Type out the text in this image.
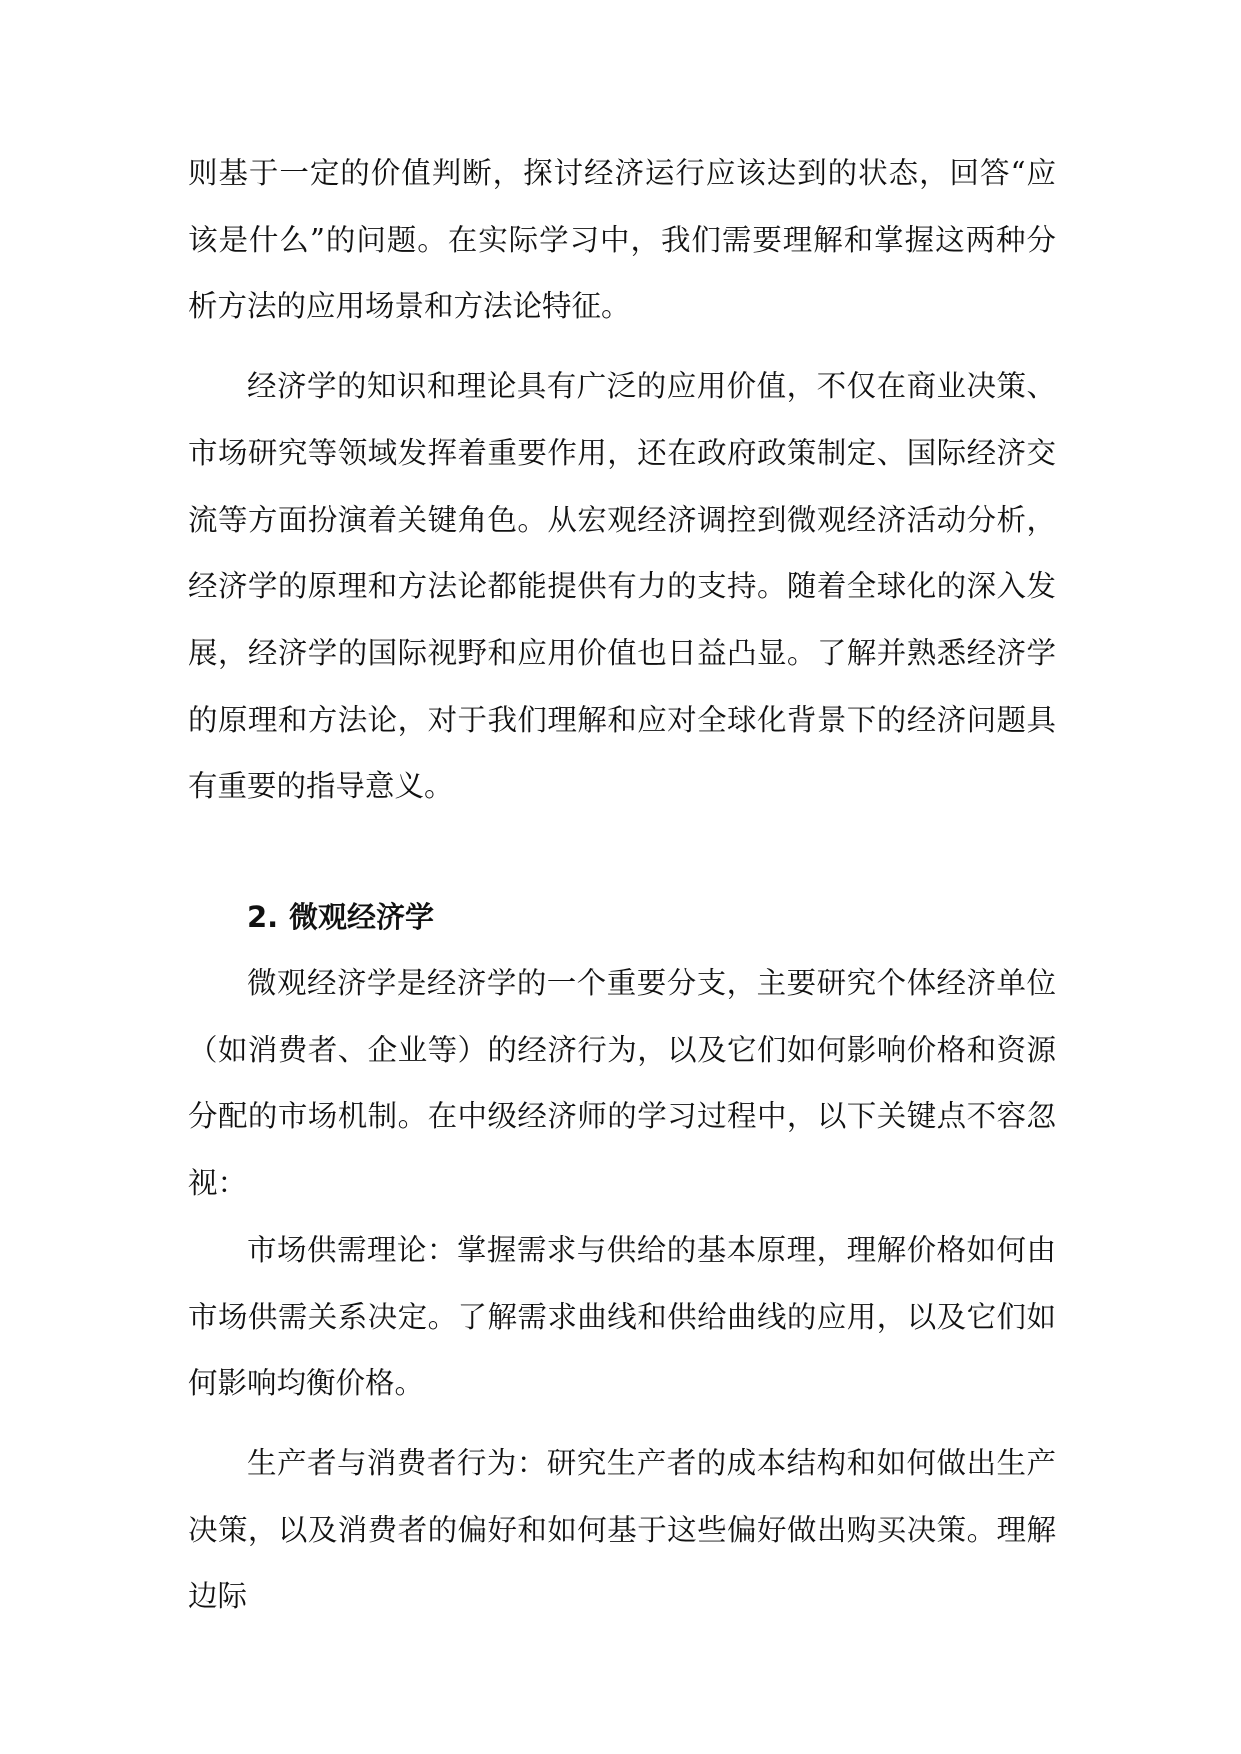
则基于一定的价值判断，探讨经济运行应该达到的状态，回答“应该是什么”的问题。在实际学习中，我们需要理解和掌握这两种分析方法的应用场景和方法论特征。

经济学的知识和理论具有广泛的应用价值，不仅在商业决策、市场研究等领域发挥着重要作用，还在政府政策制定、国际经济交流等方面扮演着关键角色。从宏观经济调控到微观经济活动分析，经济学的原理和方法论都能提供有力的支持。随着全球化的深入发展，经济学的国际视野和应用价值也日益凸显。了解并熟悉经济学的原理和方法论，对于我们理解和应对全球化背景下的经济问题具有重要的指导意义。

2. 微观经济学

微观经济学是经济学的一个重要分支，主要研究个体经济单位（如消费者、企业等）的经济行为，以及它们如何影响价格和资源分配的市场机制。在中级经济师的学习过程中，以下关键点不容忽视：

市场供需理论：掌握需求与供给的基本原理，理解价格如何由市场供需关系决定。了解需求曲线和供给曲线的应用，以及它们如何影响均衡价格。

生产者与消费者行为：研究生产者的成本结构和如何做出生产决策，以及消费者的偏好和如何基于这些偏好做出购买决策。理解边际
